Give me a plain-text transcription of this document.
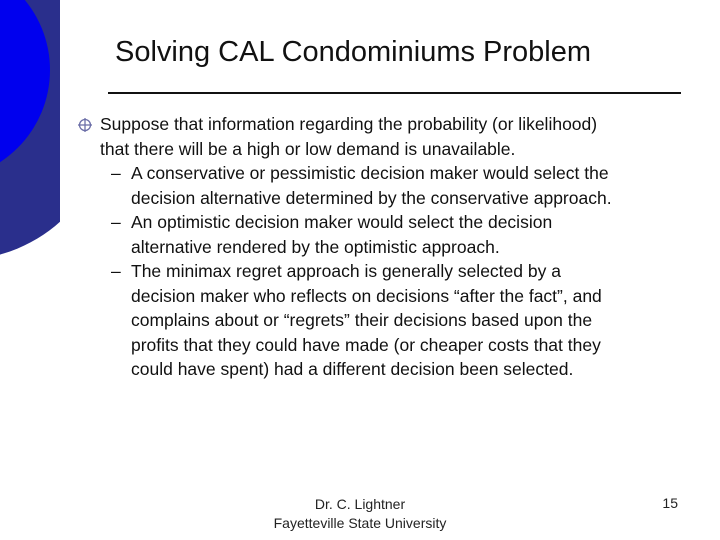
Solving CAL Condominiums Problem
Suppose that information regarding the probability (or likelihood)
that there will be a high or low demand is unavailable.
– A conservative or pessimistic decision maker would select the
decision alternative determined by the conservative approach.
– An optimistic decision maker would select the decision
alternative rendered by the optimistic approach.
– The minimax regret approach is generally selected by a
decision maker who reflects on decisions “after the fact”, and
complains about or “regrets” their decisions based upon the
profits that they could have made (or cheaper costs that they
could have spent) had a different decision been selected.
Dr. C. Lightner
Fayetteville State University
15
